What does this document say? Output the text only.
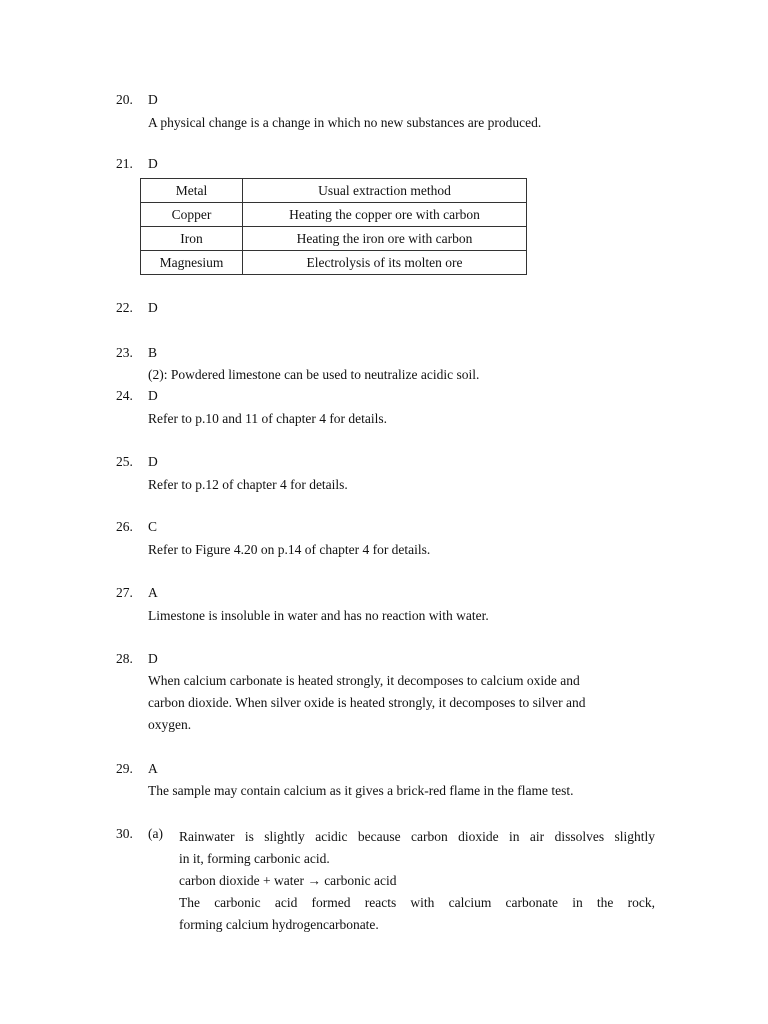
20. D
A physical change is a change in which no new substances are produced.
21. D
Metal	Usual extraction method
Copper	Heating the copper ore with carbon
Iron	Heating the iron ore with carbon
Magnesium	Electrolysis of its molten ore
22. D
23. B
(2): Powdered limestone can be used to neutralize acidic soil.
24. D
Refer to p.10 and 11 of chapter 4 for details.
25. D
Refer to p.12 of chapter 4 for details.
26. C
Refer to Figure 4.20 on p.14 of chapter 4 for details.
27. A
Limestone is insoluble in water and has no reaction with water.
28. D
When calcium carbonate is heated strongly, it decomposes to calcium oxide and
carbon dioxide. When silver oxide is heated strongly, it decomposes to silver and
oxygen.
29. A
The sample may contain calcium as it gives a brick-red flame in the flame test.
30. (a) Rainwater is slightly acidic because carbon dioxide in air dissolves slightly
in it, forming carbonic acid.
carbon dioxide + water → carbonic acid
The carbonic acid formed reacts with calcium carbonate in the rock,
forming calcium hydrogencarbonate.
